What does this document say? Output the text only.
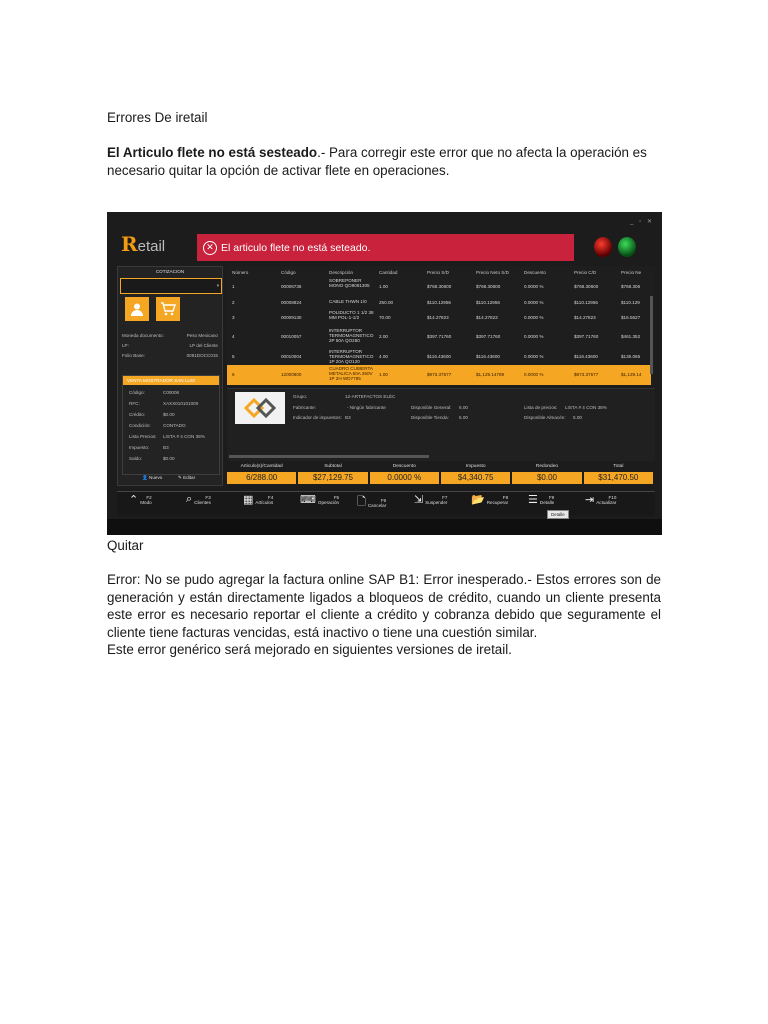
Errores De iretail
El Articulo flete no está sesteado.- Para corregir este error que no afecta la operación es necesario quitar la opción de activar flete en operaciones.
_ ▫ ✕
Retail	✕ El articulo flete no está seteado.
COTIZACION
▾
Moneda documento:	Peso Mexicano
LP:	LP del Cliente
Folio Base:	0081DOCC015
VENTA MOSTRADOR SAN LUIS
Código:	C00006
RFC:	XAXX010101000
Crédito:	$0.00
Condición:	CONTADO
Lista Precios: LISTA # 4 CON 38%
Impuesto:	B3
Saldo:	$0.00
👤 Nuevo	✎ Editar
Número	Código	Descripción	Cantidad	Precio S/D	Precio Neto S/D	Descuento	Precio C/D	Precio Ne
1	00006736
SOBREPONER MONO QO8081305	1.00	$768.30600	$768.30600	0.0000 %	$768.30600	$768.306
2	00008824	CABLE THWN 1/0	250.00	$110.12956	$110.12956	0.0000 %	$110.12956	$110.129
3	00009130
POLIDUCTO 1 1/2 38 MM POL-1-1/2	70.00	$14.27823	$14.27823	0.0000 %	$14.27823	$16.5627
4	00010057
INTERRUPTOR TERMOMAGNETICO 2P 50A QO250
2.00	$397.71760	$397.71760	0.0000 %	$397.71760	$461.352
5	00010004
INTERRUPTOR TERMOMAGNETICO 1P 20A QO120
4.00	$116.43600	$116.43600	0.0000 %	$116.43600	$135.065
6	12000800
CUADRO CUBIERTA METALICA 50A 250V 1P 2H WD7785
1.00	$973.37577	$1,129.14789	0.0000 %	$973.37577	$1,129.14
Grupo:	12-ARTEFACTOS ELÉC
Fabricante:	- Ningún fabricante
Indicador de impuestos: B3
Disponible General: 6.00
Disponible Tienda: 5.00
Lista de precios: LISTA # 4 CON 38%
Disponible Almacén: 5.00
Articulo(s)/Cantidad
6/288.00
Subtotal
$27,129.75
Descuento
0.0000 %
Impuesto
$4,340.75
Redondeo
$0.00
Total
$31,470.50
Detalle
⌃	F2
Modo	⌕	F3
Clientes	▦	F4
Artículos ⌨	F5
Operación 🗋	F6
Cancelar	⇲	F7
Suspender 📂	F8
Recuperar ☰	F9
Detalle	⇥	F10
Actualizar
Quitar
Error: No se pudo agregar la factura online SAP B1: Error inesperado.- Estos errores son de generación y están directamente ligados a bloqueos de crédito, cuando un cliente presenta este error es necesario reportar el cliente a crédito y cobranza debido que seguramente el cliente tiene facturas vencidas, está inactivo o tiene una cuestión similar.
Este error genérico será mejorado en siguientes versiones de iretail.
